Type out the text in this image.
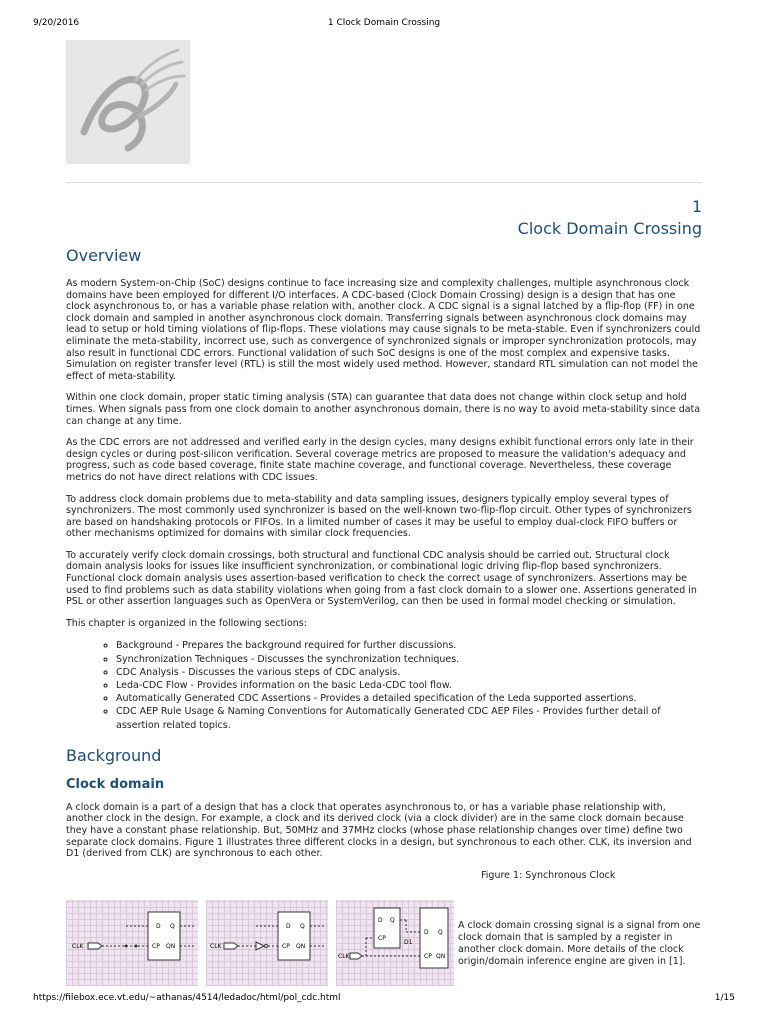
9/20/2016	1 Clock Domain Crossing
1
Clock Domain Crossing
Overview

As modern System-on-Chip (SoC) designs continue to face increasing size and complexity challenges, multiple asynchronous clock domains have been employed for different I/O interfaces. A CDC-based (Clock Domain Crossing) design is a design that has one clock asynchronous to, or has a variable phase relation with, another clock. A CDC signal is a signal latched by a flip-flop (FF) in one clock domain and sampled in another asynchronous clock domain. Transferring signals between asynchronous clock domains may lead to setup or hold timing violations of flip-flops. These violations may cause signals to be meta-stable. Even if synchronizers could eliminate the meta-stability, incorrect use, such as convergence of synchronized signals or improper synchronization protocols, may also result in functional CDC errors. Functional validation of such SoC designs is one of the most complex and expensive tasks. Simulation on register transfer level (RTL) is still the most widely used method. However, standard RTL simulation can not model the effect of meta-stability.

Within one clock domain, proper static timing analysis (STA) can guarantee that data does not change within clock setup and hold times. When signals pass from one clock domain to another asynchronous domain, there is no way to avoid meta-stability since data can change at any time.

As the CDC errors are not addressed and verified early in the design cycles, many designs exhibit functional errors only late in their design cycles or during post-silicon verification. Several coverage metrics are proposed to measure the validation's adequacy and progress, such as code based coverage, finite state machine coverage, and functional coverage. Nevertheless, these coverage metrics do not have direct relations with CDC issues.

To address clock domain problems due to meta-stability and data sampling issues, designers typically employ several types of synchronizers. The most commonly used synchronizer is based on the well-known two-flip-flop circuit. Other types of synchronizers are based on handshaking protocols or FIFOs. In a limited number of cases it may be useful to employ dual-clock FIFO buffers or other mechanisms optimized for domains with similar clock frequencies.

To accurately verify clock domain crossings, both structural and functional CDC analysis should be carried out. Structural clock domain analysis looks for issues like insufficient synchronization, or combinational logic driving flip-flop based synchronizers. Functional clock domain analysis uses assertion-based verification to check the correct usage of synchronizers. Assertions may be used to find problems such as data stability violations when going from a fast clock domain to a slower one. Assertions generated in PSL or other assertion languages such as OpenVera or SystemVerilog, can then be used in formal model checking or simulation.

This chapter is organized in the following sections:

◦ Background - Prepares the background required for further discussions.
◦ Synchronization Techniques - Discusses the synchronization techniques.
◦ CDC Analysis - Discusses the various steps of CDC analysis.
◦ Leda-CDC Flow - Provides information on the basic Leda-CDC tool flow.
◦ Automatically Generated CDC Assertions - Provides a detailed specification of the Leda supported assertions.
◦ CDC AEP Rule Usage & Naming Conventions for Automatically Generated CDC AEP Files - Provides further detail of assertion related topics.
Background
Clock domain

A clock domain is a part of a design that has a clock that operates asynchronous to, or has a variable phase relationship with, another clock in the design. For example, a clock and its derived clock (via a clock divider) are in the same clock domain because they have a constant phase relationship. But, 50MHz and 37MHz clocks (whose phase relationship changes over time) define two separate clock domains. Figure 1 illustrates three different clocks in a design, but synchronous to each other. CLK, its inversion and D1 (derived from CLK) are synchronous to each other.

Figure 1: Synchronous Clock
D Q
CP QN
CLK
D Q
CP QN
CLK
D Q
CP
D Q
CP QN
D1
CLK
A clock domain crossing signal is a signal from one clock domain that is sampled by a register in another clock domain. More details of the clock origin/domain inference engine are given in [1].
https://filebox.ece.vt.edu/~athanas/4514/ledadoc/html/pol_cdc.html	1/15
